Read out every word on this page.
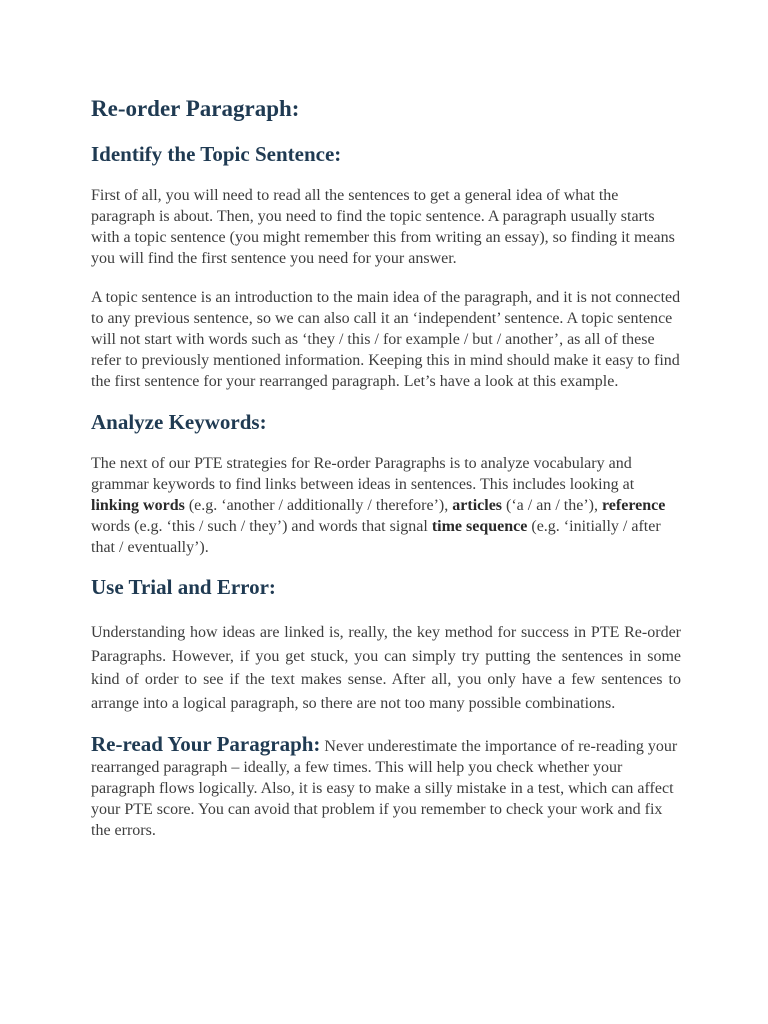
Re-order Paragraph:
Identify the Topic Sentence:

First of all, you will need to read all the sentences to get a general idea of what the paragraph is about. Then, you need to find the topic sentence. A paragraph usually starts with a topic sentence (you might remember this from writing an essay), so finding it means you will find the first sentence you need for your answer.

A topic sentence is an introduction to the main idea of the paragraph, and it is not connected to any previous sentence, so we can also call it an ‘independent’ sentence. A topic sentence will not start with words such as ‘they / this / for example / but / another’, as all of these refer to previously mentioned information. Keeping this in mind should make it easy to find the first sentence for your rearranged paragraph. Let’s have a look at this example.

Analyze Keywords:

The next of our PTE strategies for Re-order Paragraphs is to analyze vocabulary and grammar keywords to find links between ideas in sentences. This includes looking at linking words (e.g. ‘another / additionally / therefore’), articles (‘a / an / the’), reference words (e.g. ‘this / such / they’) and words that signal time sequence (e.g. ‘initially / after that / eventually’).

Use Trial and Error:

Understanding how ideas are linked is, really, the key method for success in PTE Re-order Paragraphs. However, if you get stuck, you can simply try putting the sentences in some kind of order to see if the text makes sense. After all, you only have a few sentences to arrange into a logical paragraph, so there are not too many possible combinations.

Re-read Your Paragraph: Never underestimate the importance of re-reading your rearranged paragraph – ideally, a few times. This will help you check whether your paragraph flows logically. Also, it is easy to make a silly mistake in a test, which can affect your PTE score. You can avoid that problem if you remember to check your work and fix the errors.
